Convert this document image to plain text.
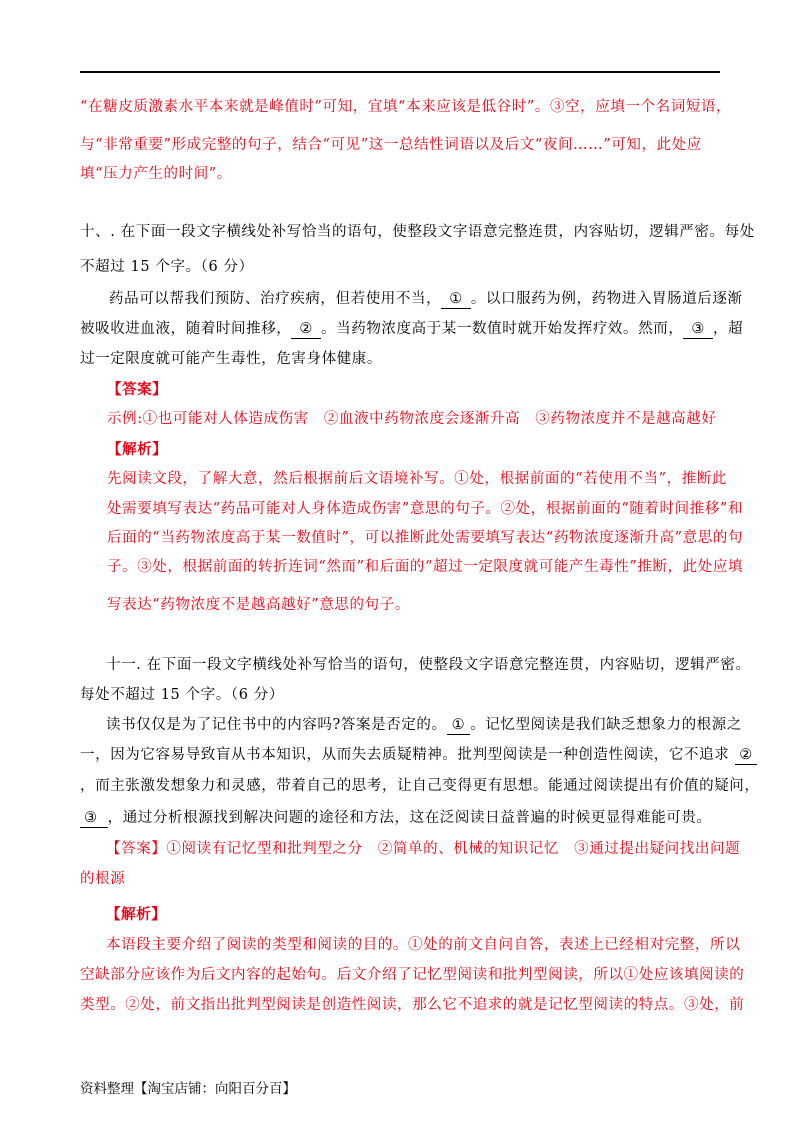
“在糖皮质激素水平本来就是峰值时”可知，宜填“本来应该是低谷时”。③空，应填一个名词短语，
与“非常重要”形成完整的句子，结合“可见”这一总结性词语以及后文“夜间……”可知，此处应
填“压力产生的时间”。
十、. 在下面一段文字横线处补写恰当的语句，使整段文字语意完整连贯，内容贴切，逻辑严密。每处
不超过 15 个字。（6 分）
药品可以帮我们预防、治疗疾病，但若使用不当， ① 。以口服药为例，药物进入胃肠道后逐渐
被吸收进血液，随着时间推移， ② 。当药物浓度高于某一数值时就开始发挥疗效。然而， ③ ，超
过一定限度就可能产生毒性，危害身体健康。
【答案】
示例:①也可能对人体造成伤害　②血液中药物浓度会逐渐升高　③药物浓度并不是越高越好
【解析】
先阅读文段，了解大意，然后根据前后文语境补写。①处，根据前面的“若使用不当”，推断此
处需要填写表达“药品可能对人身体造成伤害”意思的句子。②处，根据前面的“随着时间推移”和
后面的“当药物浓度高于某一数值时”，可以推断此处需要填写表达“药物浓度逐渐升高”意思的句
子。③处，根据前面的转折连词“然而”和后面的“超过一定限度就可能产生毒性”推断，此处应填
写表达“药物浓度不是越高越好”意思的句子。
十一. 在下面一段文字横线处补写恰当的语句，使整段文字语意完整连贯，内容贴切，逻辑严密。
每处不超过 15 个字。（6 分）
读书仅仅是为了记住书中的内容吗?答案是否定的。 ① 。记忆型阅读是我们缺乏想象力的根源之
一，因为它容易导致盲从书本知识，从而失去质疑精神。批判型阅读是一种创造性阅读，它不追求 ②
，而主张激发想象力和灵感，带着自己的思考，让自己变得更有思想。能通过阅读提出有价值的疑问，
③ ，通过分析根源找到解决问题的途径和方法，这在泛阅读日益普遍的时候更显得难能可贵。
【答案】①阅读有记忆型和批判型之分　②简单的、机械的知识记忆　③通过提出疑问找出问题
的根源
【解析】
本语段主要介绍了阅读的类型和阅读的目的。①处的前文自问自答，表述上已经相对完整，所以
空缺部分应该作为后文内容的起始句。后文介绍了记忆型阅读和批判型阅读，所以①处应该填阅读的
类型。②处，前文指出批判型阅读是创造性阅读，那么它不追求的就是记忆型阅读的特点。③处，前
资料整理【淘宝店铺：向阳百分百】
